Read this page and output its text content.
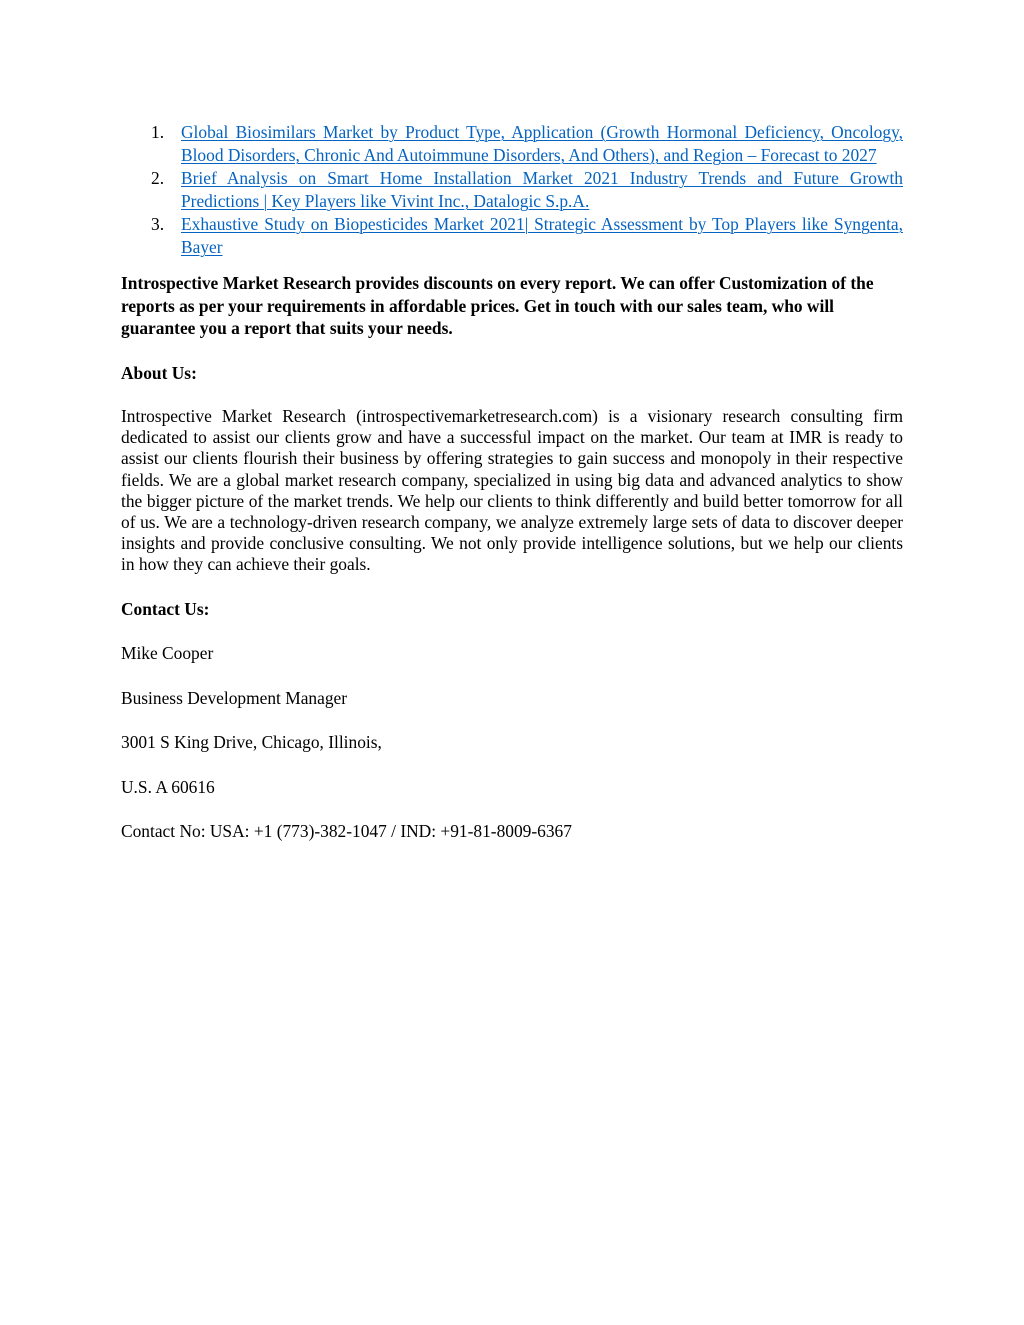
1. Global Biosimilars Market by Product Type, Application (Growth Hormonal Deficiency, Oncology, Blood Disorders, Chronic And Autoimmune Disorders, And Others), and Region – Forecast to 2027
2. Brief Analysis on Smart Home Installation Market 2021 Industry Trends and Future Growth Predictions | Key Players like Vivint Inc., Datalogic S.p.A.
3. Exhaustive Study on Biopesticides Market 2021| Strategic Assessment by Top Players like Syngenta, Bayer

Introspective Market Research provides discounts on every report. We can offer Customization of the reports as per your requirements in affordable prices. Get in touch with our sales team, who will guarantee you a report that suits your needs.

About Us:

Introspective Market Research (introspectivemarketresearch.com) is a visionary research consulting firm dedicated to assist our clients grow and have a successful impact on the market. Our team at IMR is ready to assist our clients flourish their business by offering strategies to gain success and monopoly in their respective fields. We are a global market research company, specialized in using big data and advanced analytics to show the bigger picture of the market trends. We help our clients to think differently and build better tomorrow for all of us. We are a technology-driven research company, we analyze extremely large sets of data to discover deeper insights and provide conclusive consulting. We not only provide intelligence solutions, but we help our clients in how they can achieve their goals.

Contact Us:

Mike Cooper

Business Development Manager

3001 S King Drive, Chicago, Illinois,

U.S. A 60616

Contact No: USA: +1 (773)-382-1047 / IND: +91-81-8009-6367
